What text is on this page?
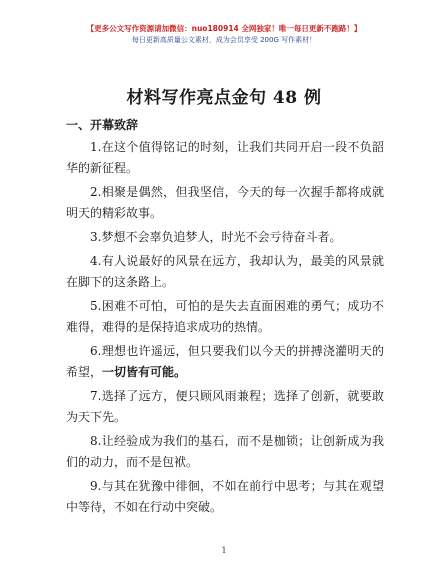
【更多公文写作资源请加微信：nuo180914 全网独家！唯一每日更新不跑路！】
每日更新高质量公文素材，成为会员享受 200G 写作素材！
材料写作亮点金句 48 例
一、开幕致辞
1.在这个值得铭记的时刻，让我们共同开启一段不负韶华的新征程。
2.相聚是偶然，但我坚信，今天的每一次握手都将成就明天的精彩故事。
3.梦想不会辜负追梦人，时光不会亏待奋斗者。
4.有人说最好的风景在远方，我却认为，最美的风景就在脚下的这条路上。
5.困难不可怕，可怕的是失去直面困难的勇气；成功不难得，难得的是保持追求成功的热情。
6.理想也许遥远，但只要我们以今天的拼搏浇灌明天的希望，一切皆有可能。
7.选择了远方，便只顾风雨兼程；选择了创新，就要敢为天下先。
8.让经验成为我们的基石，而不是枷锁；让创新成为我们的动力，而不是包袱。
9.与其在犹豫中徘徊，不如在前行中思考；与其在观望中等待，不如在行动中突破。
1
